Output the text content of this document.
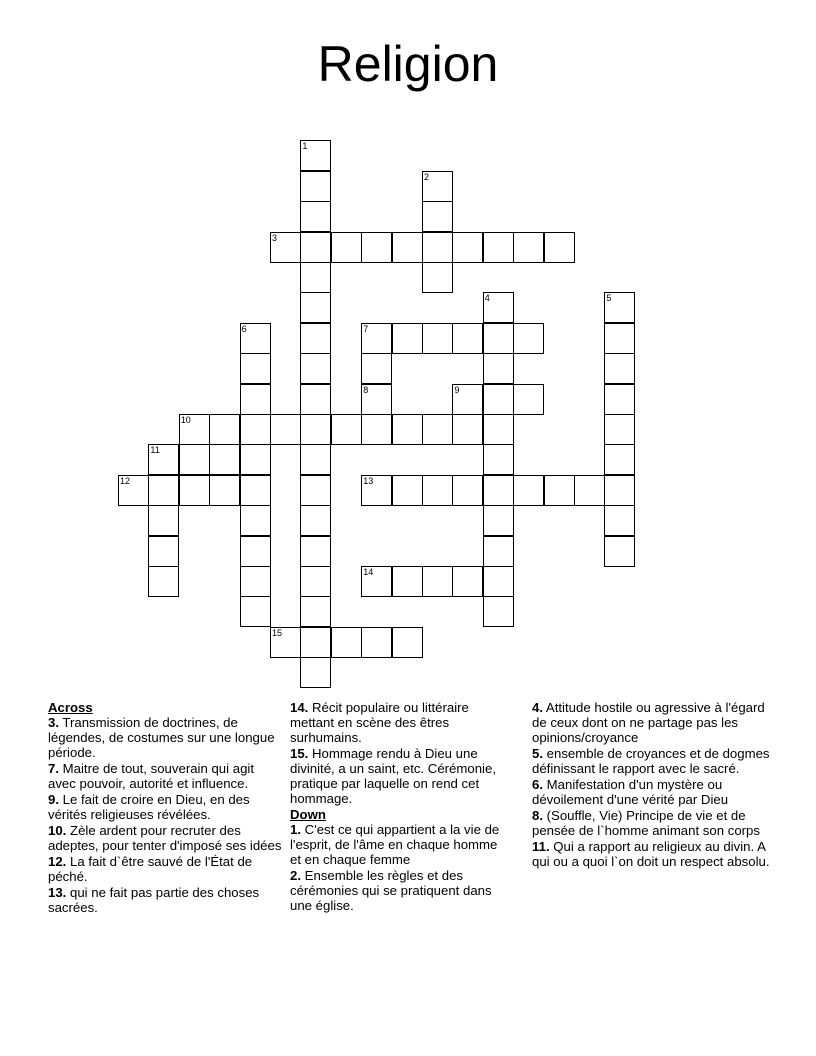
Religion
1
2
3
4	5
6	7
8	9
10
11
12	13
14
15
Across
3. Transmission de doctrines, de légendes, de costumes sur une longue période.
7. Maitre de tout, souverain qui agit avec pouvoir, autorité et influence.
9. Le fait de croire en Dieu, en des vérités religieuses révélées.
10. Zèle ardent pour recruter des adeptes, pour tenter d'imposé ses idées
12. La fait d`être sauvé de l'État de péché.
13. qui ne fait pas partie des choses sacrées.
14. Récit populaire ou littéraire mettant en scène des êtres surhumains.
15. Hommage rendu à Dieu une divinité, a un saint, etc. Cérémonie, pratique par laquelle on rend cet hommage.
Down
1. C'est ce qui appartient a la vie de l'esprit, de l'âme en chaque homme et en chaque femme
2. Ensemble les règles et des cérémonies qui se pratiquent dans une église.
4. Attitude hostile ou agressive à l'égard de ceux dont on ne partage pas les opinions/croyance
5. ensemble de croyances et de dogmes définissant le rapport avec le sacré.
6. Manifestation d'un mystère ou dévoilement d'une vérité par Dieu
8. (Souffle, Vie) Principe de vie et de pensée de l`homme animant son corps
11. Qui a rapport au religieux au divin. A qui ou a quoi l`on doit un respect absolu.
